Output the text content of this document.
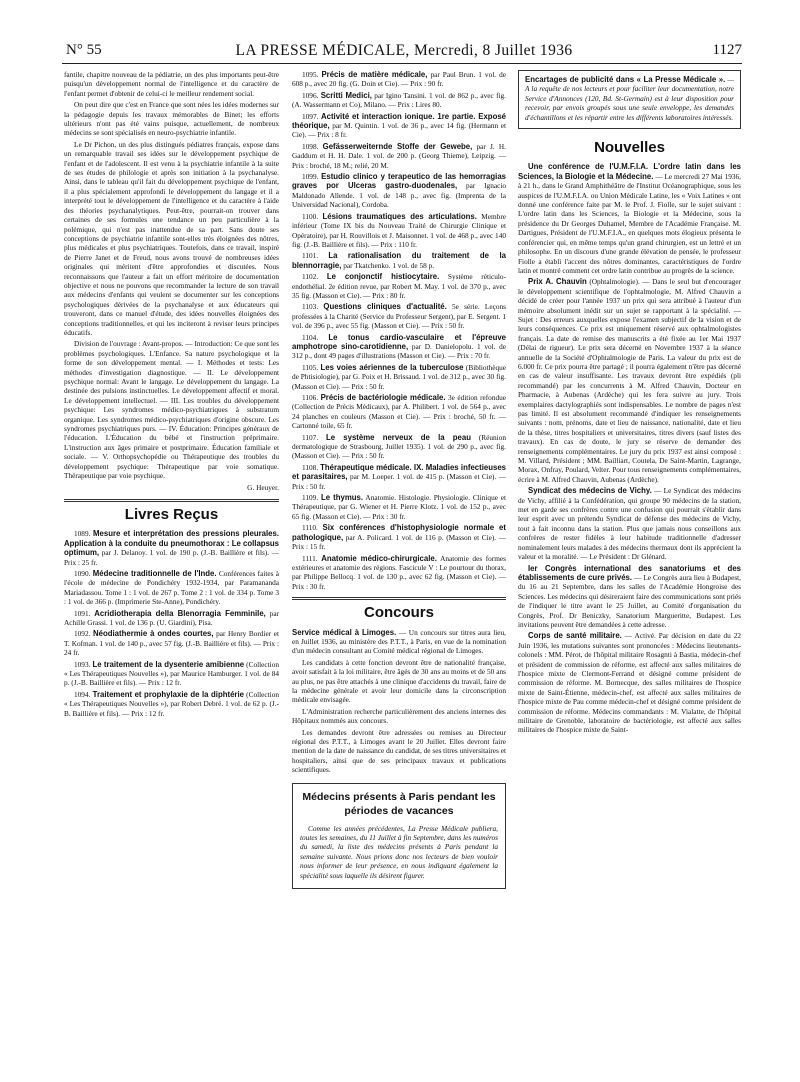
N° 55	LA PRESSE MÉDICALE, Mercredi, 8 Juillet 1936	1127

fantile, chapitre nouveau de la pédiatrie, un des plus importants peut-être puisqu'un développement normal de l'intelligence et du caractère de l'enfant permet d'obtenir de celui-ci le meilleur rendement social.

On peut dire que c'est en France que sont nées les idées modernes sur la pédagogie depuis les travaux mémorables de Binet; les efforts ultérieurs n'ont pas été vains puisque, actuellement, de nombreux médecins se sont spécialisés en neuro-psychiatrie infantile.

Le Dr Pichon, un des plus distingués pédiatres français, expose dans un remarquable travail ses idées sur le développement psychique de l'enfant et de l'adolescent. Il est venu à la psychiatrie infantile à la suite de ses études de philologie et après son initiation à la psychanalyse. Ainsi, dans le tableau qu'il fait du développement psychique de l'enfant, il a plus spécialement approfondi le développement du langage et il a interprété tout le développement de l'intelligence et du caractère à l'aide des théories psychanalytiques. Peut-être, pourrait-on trouver dans certaines de ses formules une tendance un peu particulière à la polémique, qui n'est pas inattendue de sa part. Sans doute ses conceptions de psychiatrie infantile sont-elles très éloignées des nôtres, plus médicales et plus psychiatriques. Toutefois, dans ce travail, inspiré de Pierre Janet et de Freud, nous avons trouvé de nombreuses idées originales qui méritent d'être approfondies et discutées. Nous reconnaissons que l'auteur a fait un effort méritoire de documentation objective et nous ne pouvons que recommander la lecture de son travail aux médecins d'enfants qui veulent se documenter sur les conceptions psychologiques dérivées de la psychanalyse et aux éducateurs qui trouveront, dans ce manuel d'étude, des idées nouvelles éloignées des conceptions traditionnelles, et qui les inciteront à reviser leurs principes éducatifs.

Division de l'ouvrage : Avant-propos. — Introduction: Ce que sont les problèmes psychologiques. L'Enfance. Sa nature psychologique et la forme de son développement mental. — I. Méthodes et tests: Les méthodes d'investigation diagnostique. — II. Le développement psychique normal: Avant le langage. Le développement du langage. La destinée des pulsions instinctuelles. Le développement affectif et moral. Le développement intellectuel. — III. Les troubles du développement psychique: Les syndromes médico-psychiatriques à substratum organique. Les syndromes médico-psychiatriques d'origine obscure. Les syndromes psychiatriques purs. — IV. Éducation: Principes généraux de l'éducation. L'Éducation du bébé et l'instruction préprimaire. L'instruction aux âges primaire et postprimaire. Éducation familiale et sociale. — V. Orthopsychopédie ou Thérapeutique des troubles du développement psychique: Thérapeutique par voie somatique. Thérapeutique par voie psychique.

G. Heuyer.

Livres Reçus

1089. Mesure et interprétation des pressions pleurales. Application à la conduite du pneumothorax : Le collapsus optimum, par J. Delanoy. 1 vol. de 190 p. (J.-B. Baillière et fils). — Prix : 25 fr.

1090. Médecine traditionnelle de l'Inde. Conférences faites à l'école de médecine de Pondichéry 1932-1934, par Paramananda Mariadassou. Tome 1 : 1 vol. de 267 p. Tome 2 : 1 vol. de 334 p. Tome 3 : 1 vol. de 366 p. (Imprimerie Ste-Anne), Pondichéry.

1091. Acridiotherapia della Blenorragia Femminile, par Achille Grassi. 1 vol. de 136 p. (U. Giardini), Pisa.

1092. Néodiathermie à ondes courtes, par Henry Bordier et T. Kofman. 1 vol. de 140 p., avec 57 fig. (J.-B. Baillière et fils). — Prix : 24 fr.

1093. Le traitement de la dysenterie amibienne (Collection « Les Thérapeutiques Nouvelles »), par Maurice Hamburger. 1 vol. de 84 p. (J.-B. Baillière et fils). — Prix : 12 fr.

1094. Traitement et prophylaxie de la diphtérie (Collection « Les Thérapeutiques Nouvelles »), par Robert Debré. 1 vol. de 62 p. (J.-B. Baillière et fils). — Prix : 12 fr.

1095. Précis de matière médicale, par Paul Brun. 1 vol. de 608 p., avec 20 fig. (G. Doin et Cie). — Prix : 90 fr.

1096. Scritti Medici, par Igino Tansini. 1 vol. de 862 p., avec fig. (A. Wassermann et Co), Milano. — Prix : Lires 80.

1097. Activité et interaction ionique. 1re partie. Exposé théorique, par M. Quintin. 1 vol. de 36 p., avec 14 fig. (Hermann et Cie). — Prix : 8 fr.

1098. Gefässerweiternde Stoffe der Gewebe, par J. H. Gaddum et H. H. Dale. 1 vol. de 200 p. (Georg Thieme), Leipzig. — Prix : broché, 18 M.; relié, 20 M.

1099. Estudio clinico y terapeutico de las hemorragias graves por Ulceras gastro-duodenales, par Ignacio Maldonado Allende. 1 vol. de 148 p., avec fig. (Imprenta de la Universidad Nacional), Cordoba.

1100. Lésions traumatiques des articulations. Membre inférieur (Tome IX bis du Nouveau Traité de Chirurgie Clinique et Opératoire), par H. Rouvillois et J. Maisonnet. 1 vol. de 468 p., avec 140 fig. (J.-B. Baillière et fils). — Prix : 110 fr.

1101. La rationalisation du traitement de la blennorragie, par Tkatchenko. 1 vol. de 58 p.

1102. Le conjonctif histiocytaire. Système réticulo-endothélial. 2e édition revue, par Robert M. May. 1 vol. de 370 p., avec 35 fig. (Masson et Cie). — Prix : 80 fr.

1103. Questions cliniques d'actualité. 5e série. Leçons professées à la Charité (Service du Professeur Sergent), par E. Sergent. 1 vol. de 396 p., avec 55 fig. (Masson et Cie). — Prix : 50 fr.

1104. Le tonus cardio-vasculaire et l'épreuve amphotrope sino-carotidienne, par D. Danielopolu. 1 vol. de 312 p., dont 49 pages d'illustrations (Masson et Cie). — Prix : 70 fr.

1105. Les voies aériennes de la tuberculose (Bibliothèque de Phtisiologie), par G. Poix et H. Brissaud. 1 vol. de 312 p., avec 30 fig. (Masson et Cie). — Prix : 50 fr.

1106. Précis de bactériologie médicale. 3e édition refondue (Collection de Précis Médicaux), par A. Philibert. 1 vol. de 564 p., avec 24 planches en couleurs (Masson et Cie). — Prix : broché, 50 fr. — Cartonné toile, 65 fr.

1107. Le système nerveux de la peau (Réunion dermatologique de Strasbourg, Juillet 1935). 1 vol. de 290 p., avec fig. (Masson et Cie). — Prix : 50 fr.

1108. Thérapeutique médicale. IX. Maladies infectieuses et parasitaires, par M. Loeper. 1 vol. de 415 p. (Masson et Cie). — Prix : 50 fr.

1109. Le thymus. Anatomie. Histologie. Physiologie. Clinique et Thérapeutique, par G. Wiener et H. Pierre Klotz. 1 vol. de 152 p., avec 65 fig. (Masson et Cie). — Prix : 30 fr.

1110. Six conférences d'histophysiologie normale et pathologique, par A. Policard. 1 vol. de 116 p. (Masson et Cie). — Prix : 15 fr.

1111. Anatomie médico-chirurgicale. Anatomie des formes extérieures et anatomie des régions. Fascicule V : Le pourtour du thorax, par Philippe Bellocq. 1 vol. de 130 p., avec 62 fig. (Masson et Cie). — Prix : 30 fr.

Concours

Service médical à Limoges. — Un concours sur titres aura lieu, en Juillet 1936, au ministère des P.T.T., à Paris, en vue de la nomination d'un médecin consultant au Comité médical régional de Limoges.

Les candidats à cette fonction devront être de nationalité française, avoir satisfait à la loi militaire, être âgés de 30 ans au moins et de 50 ans au plus, ne pas être attachés à une clinique d'accidents du travail, faire de la médecine générale et avoir leur domicile dans la circonscription médicale envisagée.

L'Administration recherche particulièrement des anciens internes des Hôpitaux nommés aux concours.

Les demandes devront être adressées ou remises au Directeur régional des P.T.T., à Limoges avant le 20 Juillet. Elles devront faire mention de la date de naissance du candidat, de ses titres universitaires et hospitaliers, ainsi que de ses principaux travaux et publications scientifiques.

Médecins présents à Paris pendant les périodes de vacances

Comme les années précédentes, La Presse Médicale publiera, toutes les semaines, du 11 Juillet à fin Septembre, dans les numéros du samedi, la liste des médecins présents à Paris pendant la semaine suivante. Nous prions donc nos lecteurs de bien vouloir nous informer de leur présence, en nous indiquant également la spécialité sous laquelle ils désirent figurer.

Encartages de publicité dans « La Presse Médicale ». — A la requête de nos lecteurs et pour faciliter leur documentation, notre Service d'Annonces (120, Bd. St-Germain) est à leur disposition pour recevoir, par envois groupés sous une seule enveloppe, les demandes d'échantillons et les répartir entre les différents laboratoires intéressés.

Nouvelles

Une conférence de l'U.M.F.I.A. L'ordre latin dans les Sciences, la Biologie et la Médecine. — Le mercredi 27 Mai 1936, à 21 h., dans le Grand Amphithéâtre de l'Institut Océanographique, sous les auspices de l'U.M.F.I.A. ou Union Médicale Latine, les « Voix Latines » ont donné une conférence faite par M. le Prof. J. Fiolle, sur le sujet suivant : L'ordre latin dans les Sciences, la Biologie et la Médecine, sous la présidence du Dr Georges Duhamel, Membre de l'Académie Française. M. Dartigues, Président de l'U.M.F.I.A., en quelques mots élogieux présenta le conférencier qui, en même temps qu'un grand chirurgien, est un lettré et un philosophe. En un discours d'une grande élévation de pensée, le professeur Fiolle a établi l'accent des nôtres dominantes, caractéristiques de l'ordre latin et montré comment cet ordre latin contribue au progrès de la science.

Prix A. Chauvin (Ophtalmologie). — Dans le seul but d'encourager le développement scientifique de l'ophtalmologie, M. Alfred Chauvin a décidé de créer pour l'année 1937 un prix qui sera attribué à l'auteur d'un mémoire absolument inédit sur un sujet se rapportant à la spécialité. — Sujet : Des erreurs auxquelles expose l'examen subjectif de la vision et de leurs conséquences. Ce prix est uniquement réservé aux ophtalmologistes français. La date de remise des manuscrits a été fixée au 1er Mai 1937 (Délai de rigueur). Le prix sera décerné en Novembre 1937 à la séance annuelle de la Société d'Ophtalmologie de Paris. La valeur du prix est de 6.000 fr. Ce prix pourra être partagé ; il pourra également n'être pas décerné en cas de valeur insuffisante. Les travaux devront être expédiés (pli recommandé) par les concurrents à M. Alfred Chauvin, Docteur en Pharmacie, à Aubenas (Ardèche) qui les fera suivre au jury. Trois exemplaires dactylographiés sont indispensables. Le nombre de pages n'est pas limité. Il est absolument recommandé d'indiquer les renseignements suivants : nom, prénoms, date et lieu de naissance, nationalité, date et lieu de la thèse, titres hospitaliers et universitaires, titres divers (sauf listes des travaux). En cas de doute, le jury se réserve de demander des renseignements complémentaires. Le jury du prix 1937 est ainsi composé : M. Villard, Président ; MM. Bailliart, Coutela, De Saint-Martin, Lagrange, Morax, Onfray, Poulard, Velter. Pour tous renseignements complémentaires, écrire à M. Alfred Chauvin, Aubenas (Ardèche).

Syndicat des médecins de Vichy. — Le Syndicat des médecins de Vichy, affilié à la Confédération, qui groupe 90 médecins de la station, met en garde ses confrères contre une confusion qui pourrait s'établir dans leur esprit avec un prétendu Syndicat de défense des médecins de Vichy, tout à fait inconnu dans la station. Plus que jamais nous conseillons aux confrères de rester fidèles à leur habitude traditionnelle d'adresser nominalement leurs malades à des médecins thermaux dont ils apprécient la valeur et la moralité. — Le Président : Dr Glénard.

Ier Congrès international des sanatoriums et des établissements de cure privés. — Le Congrès aura lieu à Budapest, du 16 au 21 Septembre, dans les salles de l'Académie Hongroise des Sciences. Les médecins qui désireraient faire des communications sont priés de l'indiquer le titre avant le 25 Juillet, au Comité d'organisation du Congrès, Prof. Dr Beniczky, Sanatorium Margueritte, Budapest. Les invitations peuvent être demandées à cette adresse.

Corps de santé militaire. — Activé. Par décision en date du 22 Juin 1936, les mutations suivantes sont prononcées : Médecins lieutenants-colonels : MM. Pérot, de l'hôpital militaire Rosagnti à Bastia, médecin-chef et président de commission de réforme, est affecté aux salles militaires de l'hospice mixte de Clermont-Ferrand et désigné comme président de commission de réforme. M. Bornecque, des salles militaires de l'hospice mixte de Saint-Étienne, médecin-chef, est affecté aux salles militaires de l'hospice mixte de Pau comme médecin-chef et désigné comme président de commission de réforme. Médecins commandants : M. Vialatte, de l'hôpital militaire de Grenoble, laboratoire de bactériologie, est affecté aux salles militaires de l'hospice mixte de Saint-
